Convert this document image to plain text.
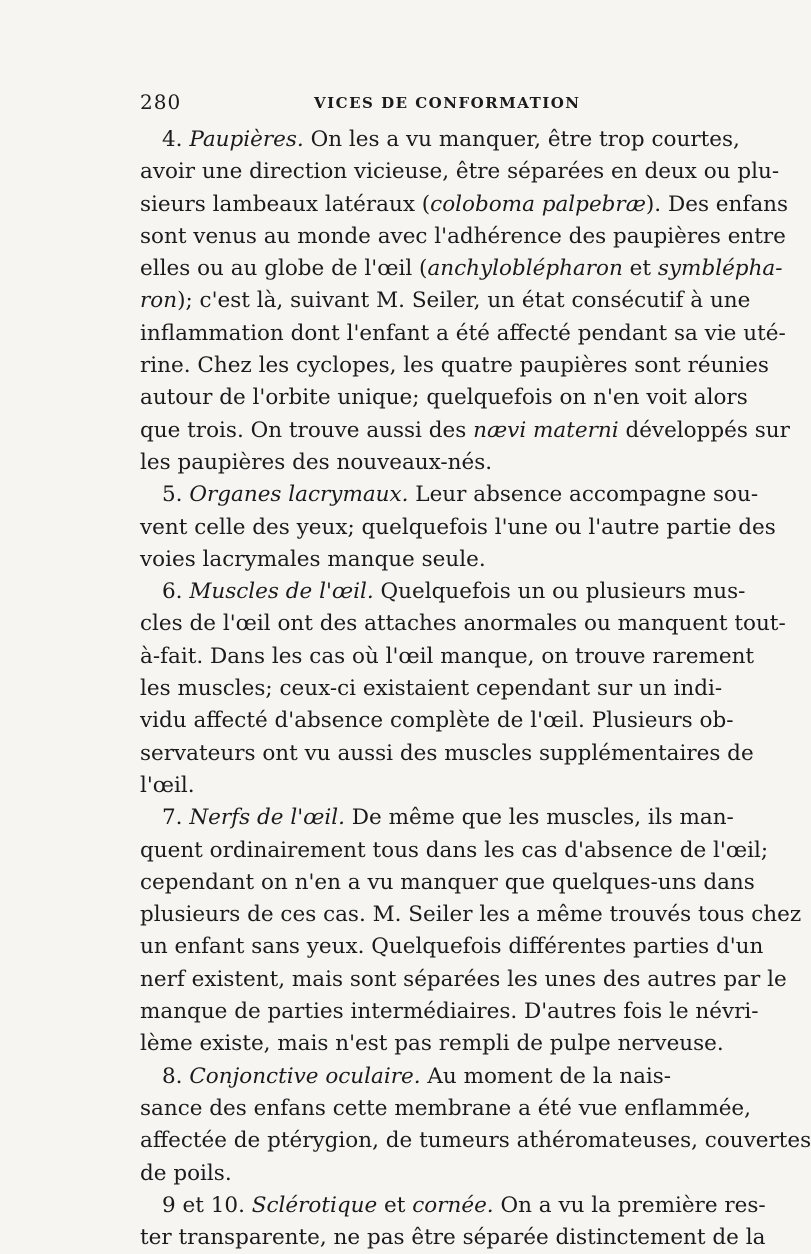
280	VICES DE CONFORMATION
4. Paupières. On les a vu manquer, être trop courtes,
avoir une direction vicieuse, être séparées en deux ou plu-
sieurs lambeaux latéraux (coloboma palpebræ). Des enfans
sont venus au monde avec l'adhérence des paupières entre
elles ou au globe de l'œil (anchyloblépharon et symblépha-
ron); c'est là, suivant M. Seiler, un état consécutif à une
inflammation dont l'enfant a été affecté pendant sa vie uté-
rine. Chez les cyclopes, les quatre paupières sont réunies
autour de l'orbite unique; quelquefois on n'en voit alors
que trois. On trouve aussi des nævi materni développés sur
les paupières des nouveaux-nés.
5. Organes lacrymaux. Leur absence accompagne sou-
vent celle des yeux; quelquefois l'une ou l'autre partie des
voies lacrymales manque seule.
6. Muscles de l'œil. Quelquefois un ou plusieurs mus-
cles de l'œil ont des attaches anormales ou manquent tout-
à-fait. Dans les cas où l'œil manque, on trouve rarement
les muscles; ceux-ci existaient cependant sur un indi-
vidu affecté d'absence complète de l'œil. Plusieurs ob-
servateurs ont vu aussi des muscles supplémentaires de
l'œil.
7. Nerfs de l'œil. De même que les muscles, ils man-
quent ordinairement tous dans les cas d'absence de l'œil;
cependant on n'en a vu manquer que quelques-uns dans
plusieurs de ces cas. M. Seiler les a même trouvés tous chez
un enfant sans yeux. Quelquefois différentes parties d'un
nerf existent, mais sont séparées les unes des autres par le
manque de parties intermédiaires. D'autres fois le névri-
lème existe, mais n'est pas rempli de pulpe nerveuse.
8. Conjonctive oculaire. Au moment de la nais-
sance des enfans cette membrane a été vue enflammée,
affectée de ptérygion, de tumeurs athéromateuses, couvertes
de poils.
9 et 10. Sclérotique et cornée. On a vu la première res-
ter transparente, ne pas être séparée distinctement de la
